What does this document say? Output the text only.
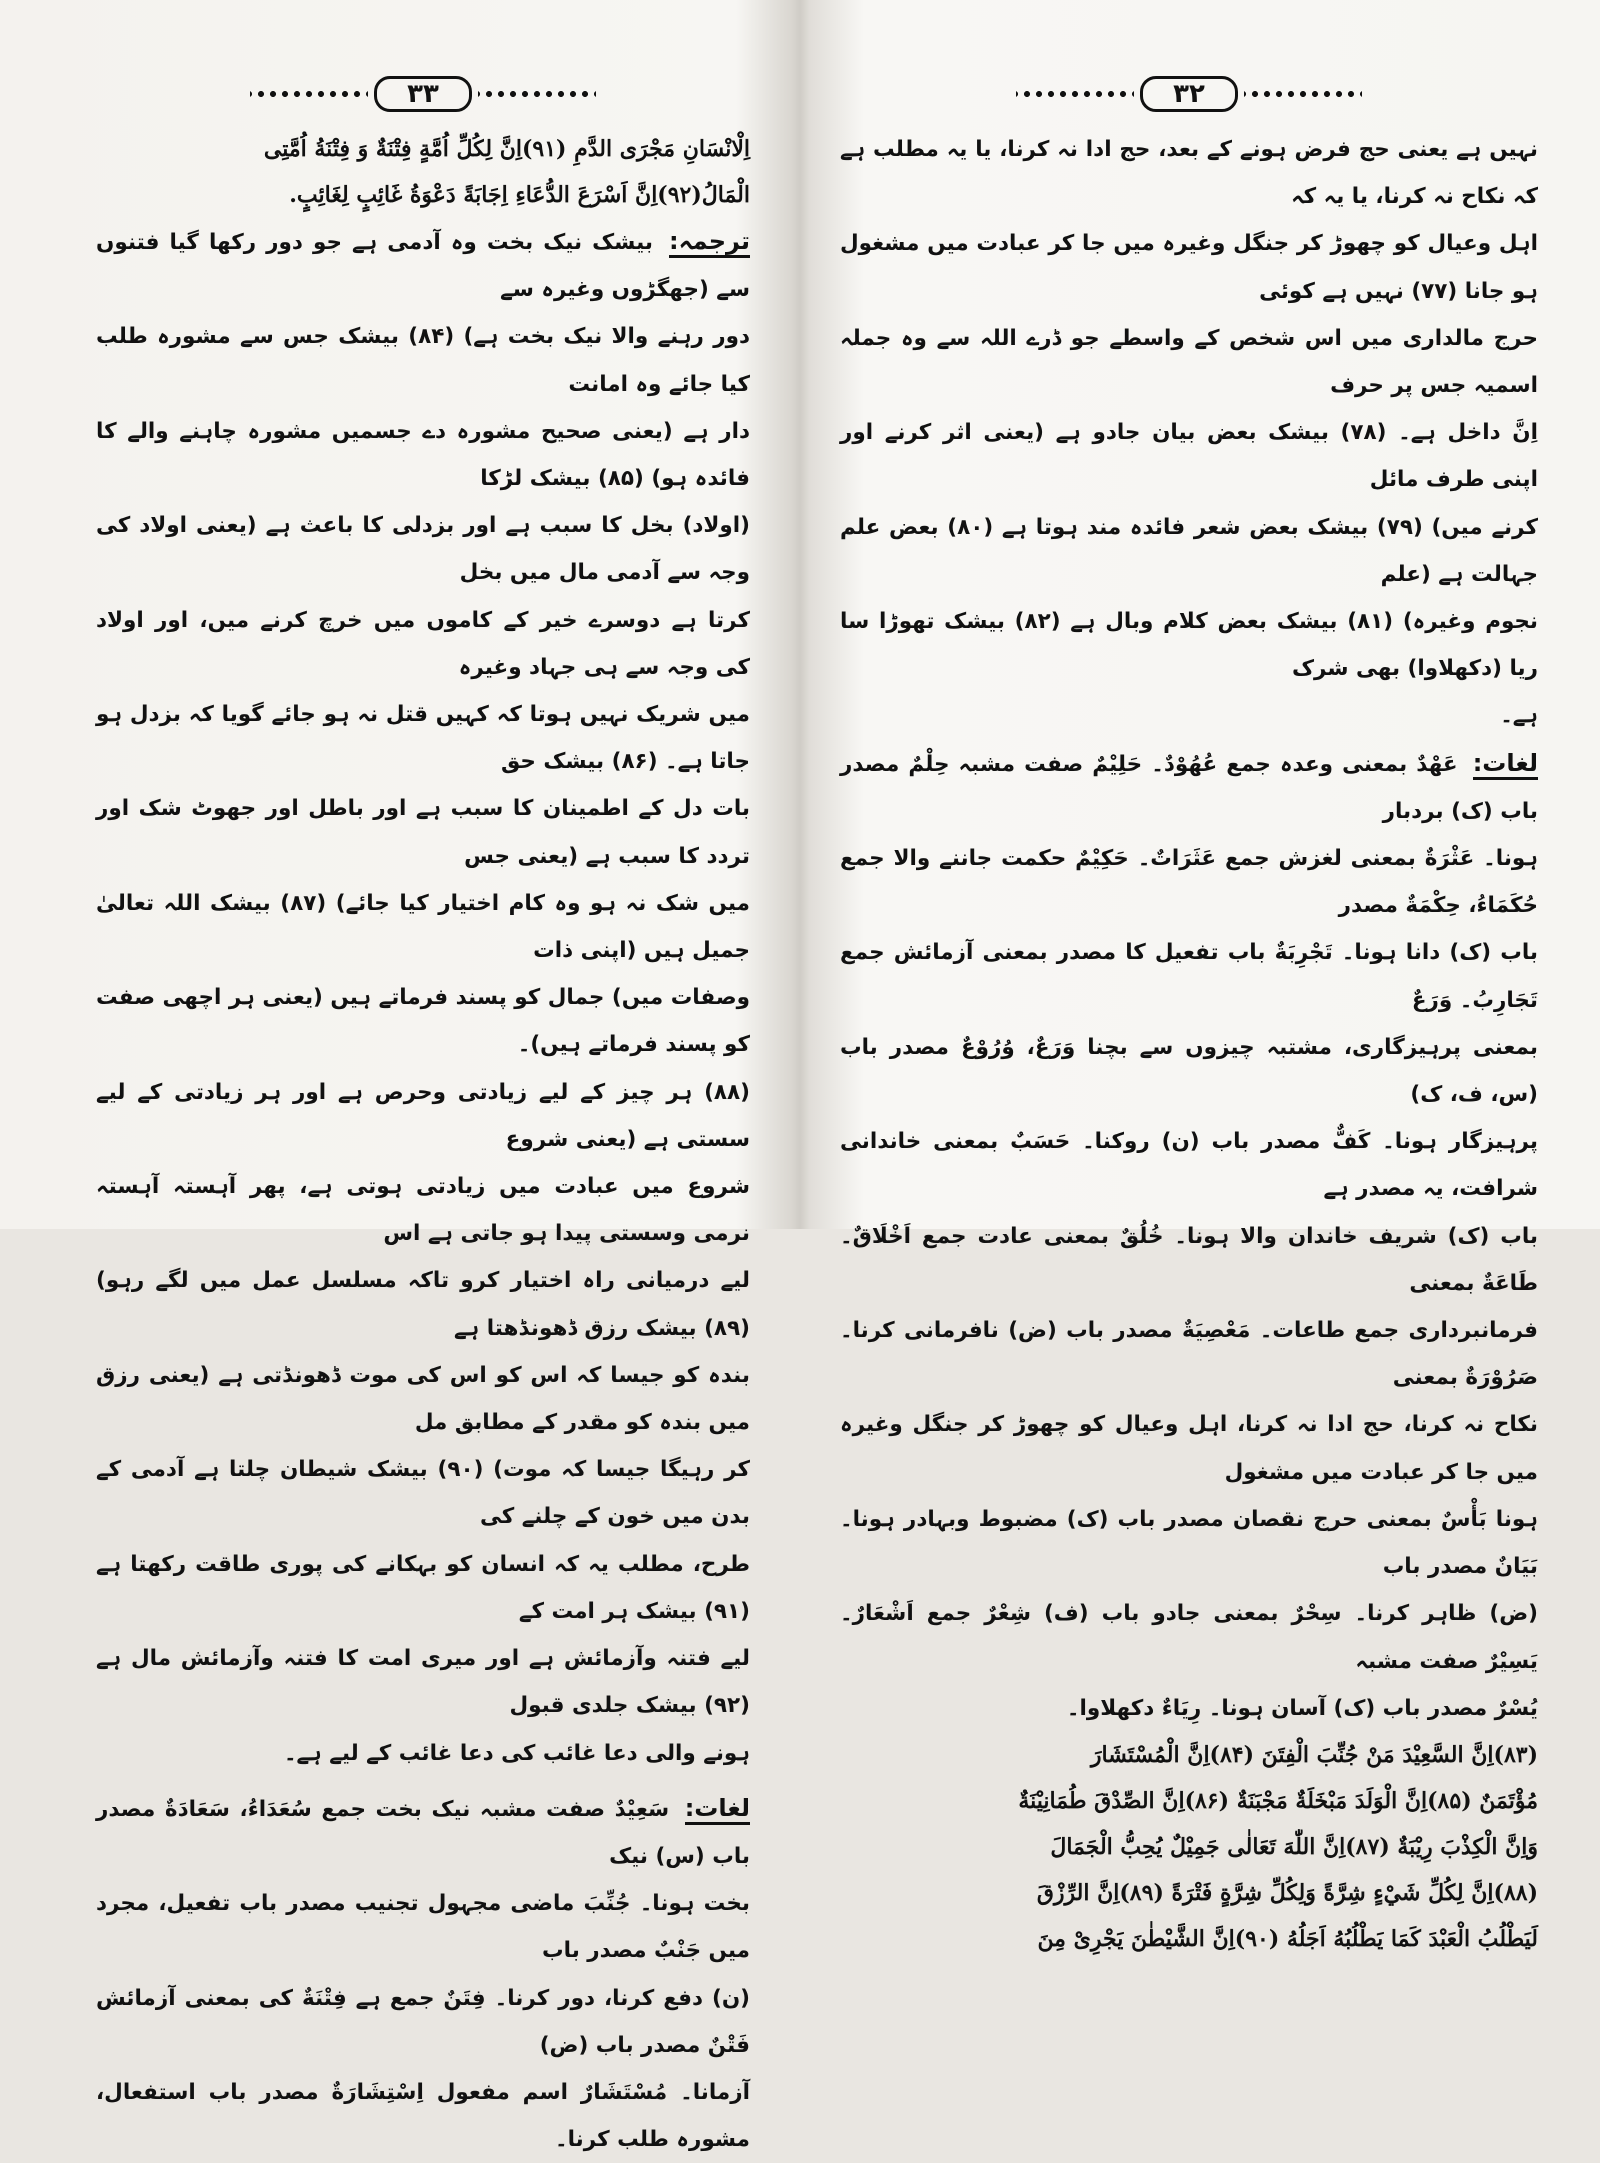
۳۳

اِلْانْسَانِ مَجْرَى الدَّمِ (۹۱)اِنَّ لِكُلِّ اُمَّةٍ فِتْنَةٌ وَ فِتْنَةُ اُمَّتِى

الْمَالُ(۹۲)اِنَّ اَسْرَعَ الدُّعَاءِ اِجَابَةً دَعْوَةُ غَائِبٍ لِغَائِبٍ.

ترجمہ: بیشک نیک بخت وہ آدمی ہے جو دور رکھا گیا فتنوں سے (جھگڑوں وغیرہ سے

دور رہنے والا نیک بخت ہے) (۸۴) بیشک جس سے مشورہ طلب کیا جائے وہ امانت

دار ہے (یعنی صحیح مشورہ دے جسمیں مشورہ چاہنے والے کا فائدہ ہو) (۸۵) بیشک لڑکا

(اولاد) بخل کا سبب ہے اور بزدلی کا باعث ہے (یعنی اولاد کی وجہ سے آدمی مال میں بخل

کرتا ہے دوسرے خیر کے کاموں میں خرچ کرنے میں، اور اولاد کی وجہ سے ہی جہاد وغیرہ

میں شریک نہیں ہوتا کہ کہیں قتل نہ ہو جائے گویا کہ بزدل ہو جاتا ہے۔ (۸۶) بیشک حق

بات دل کے اطمینان کا سبب ہے اور باطل اور جھوٹ شک اور تردد کا سبب ہے (یعنی جس

میں شک نہ ہو وہ کام اختیار کیا جائے) (۸۷) بیشک اللہ تعالیٰ جمیل ہیں (اپنی ذات

وصفات میں) جمال کو پسند فرماتے ہیں (یعنی ہر اچھی صفت کو پسند فرماتے ہیں)۔

(۸۸) ہر چیز کے لیے زیادتی وحرص ہے اور ہر زیادتی کے لیے سستی ہے (یعنی شروع

شروع میں عبادت میں زیادتی ہوتی ہے، پھر آہستہ آہستہ نرمی وسستی پیدا ہو جاتی ہے اس

لیے درمیانی راہ اختیار کرو تاکہ مسلسل عمل میں لگے رہو) (۸۹) بیشک رزق ڈھونڈھتا ہے

بندہ کو جیسا کہ اس کو اس کی موت ڈھونڈتی ہے (یعنی رزق میں بندہ کو مقدر کے مطابق مل

کر رہیگا جیسا کہ موت) (۹۰) بیشک شیطان چلتا ہے آدمی کے بدن میں خون کے چلنے کی

طرح، مطلب یہ کہ انسان کو بہکانے کی پوری طاقت رکھتا ہے (۹۱) بیشک ہر امت کے

لیے فتنہ وآزمائش ہے اور میری امت کا فتنہ وآزمائش مال ہے (۹۲) بیشک جلدی قبول

ہونے والی دعا غائب کی دعا غائب کے لیے ہے۔

لغات: سَعِيْدٌ صفت مشبہ نیک بخت جمع سُعَدَاءُ، سَعَادَةٌ مصدر باب (س) نیک

بخت ہونا۔ جُنِّبَ ماضی مجہول تجنیب مصدر باب تفعیل، مجرد میں جَنْبٌ مصدر باب

(ن) دفع کرنا، دور کرنا۔ فِتَنٌ جمع ہے فِتْنَةٌ کی بمعنی آزمائش فَتْنٌ مصدر باب (ض)

آزمانا۔ مُسْتَشَارٌ اسم مفعول اِسْتِشَارَةٌ مصدر باب استفعال، مشورہ طلب کرنا۔

۳۲

نہیں ہے یعنی حج فرض ہونے کے بعد، حج ادا نہ کرنا، یا یہ مطلب ہے کہ نکاح نہ کرنا، یا یہ کہ

اہل وعیال کو چھوڑ کر جنگل وغیرہ میں جا کر عبادت میں مشغول ہو جانا (۷۷) نہیں ہے کوئی

حرج مالداری میں اس شخص کے واسطے جو ڈرے اللہ سے وہ جملہ اسمیہ جس پر حرف

اِنَّ داخل ہے۔ (۷۸) بیشک بعض بیان جادو ہے (یعنی اثر کرنے اور اپنی طرف مائل

کرنے میں) (۷۹) بیشک بعض شعر فائدہ مند ہوتا ہے (۸۰) بعض علم جہالت ہے (علم

نجوم وغیرہ) (۸۱) بیشک بعض کلام وبال ہے (۸۲) بیشک تھوڑا سا ریا (دکھلاوا) بھی شرک

ہے۔

لغات: عَهْدٌ بمعنی وعدہ جمع عُهُوْدٌ۔ حَلِيْمٌ صفت مشبہ حِلْمٌ مصدر باب (ک) بردبار

ہونا۔ عَثْرَةٌ بمعنی لغزش جمع عَثَرَاتٌ۔ حَكِيْمٌ حکمت جاننے والا جمع حُكَمَاءُ، حِكْمَةٌ مصدر

باب (ک) دانا ہونا۔ تَجْرِبَةٌ باب تفعیل کا مصدر بمعنی آزمائش جمع تَجَارِبُ۔ وَرَعٌ

بمعنی پرہیزگاری، مشتبہ چیزوں سے بچنا وَرَعٌ، وُرُوْعٌ مصدر باب (س، ف، ک)

پرہیزگار ہونا۔ كَفٌّ مصدر باب (ن) روکنا۔ حَسَبٌ بمعنی خاندانی شرافت، یہ مصدر ہے

باب (ک) شریف خاندان والا ہونا۔ خُلُقٌ بمعنی عادت جمع اَخْلَاقٌ۔ طَاعَةٌ بمعنی

فرمانبرداری جمع طاعات۔ مَعْصِيَةٌ مصدر باب (ض) نافرمانی کرنا۔ صَرُوْرَةٌ بمعنی

نکاح نہ کرنا، حج ادا نہ کرنا، اہل وعیال کو چھوڑ کر جنگل وغیرہ میں جا کر عبادت میں مشغول

ہونا بَأْسٌ بمعنی حرج نقصان مصدر باب (ک) مضبوط وبہادر ہونا۔ بَيَانٌ مصدر باب

(ض) ظاہر کرنا۔ سِحْرٌ بمعنی جادو باب (ف) شِعْرٌ جمع اَشْعَارٌ۔ يَسِيْرٌ صفت مشبہ

يُسْرٌ مصدر باب (ک) آسان ہونا۔ رِيَاءٌ دکھلاوا۔

(۸۳)اِنَّ السَّعِيْدَ مَنْ جُنِّبَ الْفِتَنَ (۸۴)اِنَّ الْمُسْتَشَارَ

مُؤْتَمَنٌ (۸۵)اِنَّ الْوَلَدَ مَبْخَلَةٌ مَجْبَنَةٌ (۸۶)اِنَّ الصِّدْقَ طُمَانِيْنَةٌ

وَاِنَّ الْكِذْبَ رِيْبَةٌ (۸۷)اِنَّ اللّٰهَ تَعَالٰى جَمِيْلٌ يُحِبُّ الْجَمَالَ

(۸۸)اِنَّ لِكُلِّ شَيْءٍ شِرَّةً وَلِكُلِّ شِرَّةٍ فَتْرَةً (۸۹)اِنَّ الرِّزْقَ

لَيَطْلُبُ الْعَبْدَ كَمَا يَطْلُبُهُ اَجَلُهُ (۹۰)اِنَّ الشَّيْطٰنَ يَجْرِىْ مِنَ
